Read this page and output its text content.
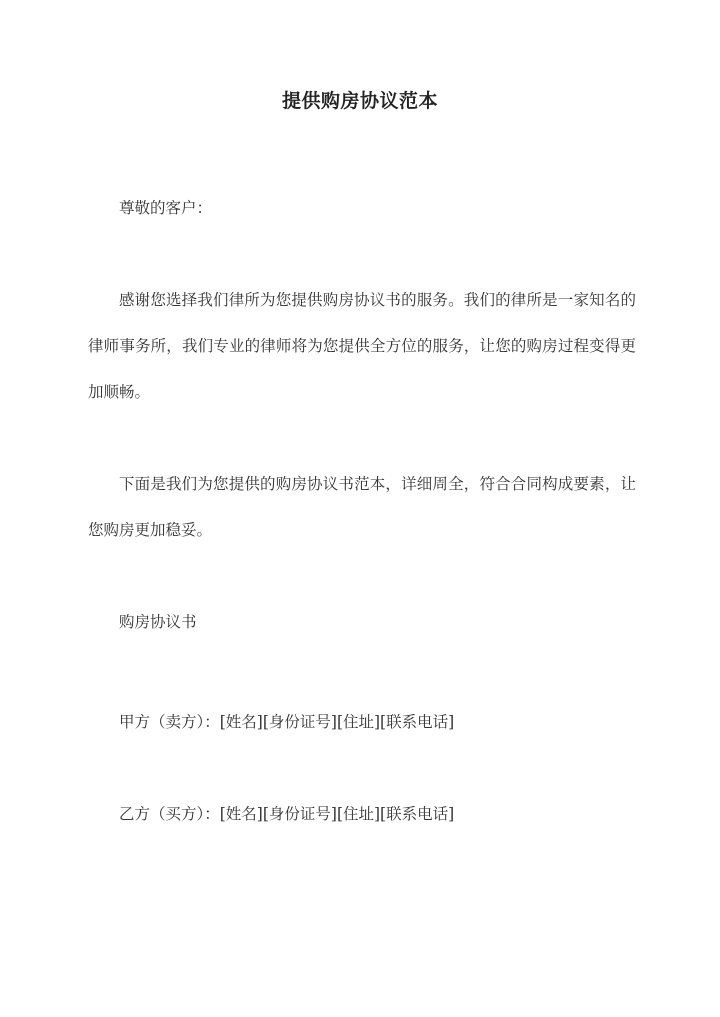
提供购房协议范本

尊敬的客户：

感谢您选择我们律所为您提供购房协议书的服务。我们的律所是一家知名的律师事务所，我们专业的律师将为您提供全方位的服务，让您的购房过程变得更加顺畅。

下面是我们为您提供的购房协议书范本，详细周全，符合合同构成要素，让您购房更加稳妥。

购房协议书

甲方（卖方）：[姓名][身份证号][住址][联系电话]

乙方（买方）：[姓名][身份证号][住址][联系电话]
